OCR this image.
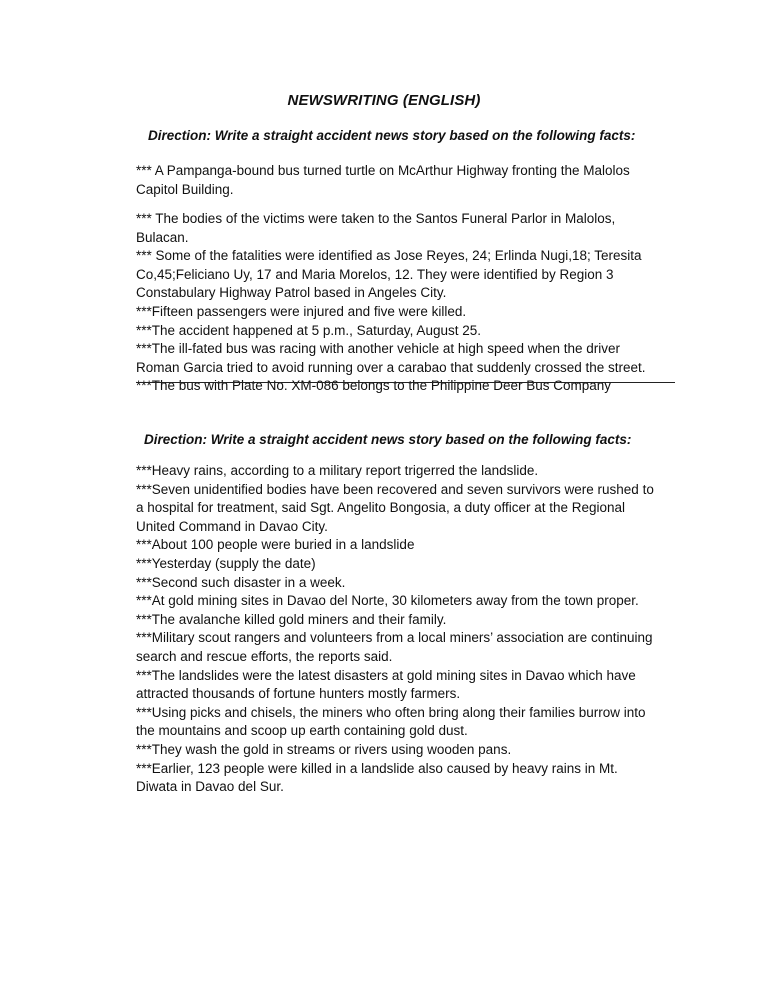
NEWSWRITING (ENGLISH)
Direction: Write a straight accident news story based on the following facts:

*** A Pampanga-bound bus turned turtle on McArthur Highway fronting the Malolos

Capitol Building.

*** The bodies of the victims were taken to the Santos Funeral Parlor in Malolos,

Bulacan.

*** Some of the fatalities were identified as Jose Reyes, 24; Erlinda Nugi,18; Teresita

Co,45;Feliciano Uy, 17 and Maria Morelos, 12. They were identified by Region 3

Constabulary Highway Patrol based in Angeles City.

***Fifteen passengers were injured and five were killed.

***The accident happened at 5 p.m., Saturday, August 25.

***The ill-fated bus was racing with another vehicle at high speed when the driver

Roman Garcia tried to avoid running over a carabao that suddenly crossed the street.

***The bus with Plate No. XM-086 belongs to the Philippine Deer Bus Company

Direction: Write a straight accident news story based on the following facts:

***Heavy rains, according to a military report trigerred the landslide.

***Seven unidentified bodies have been recovered and seven survivors were rushed to

a hospital for treatment, said Sgt. Angelito Bongosia, a duty officer at the Regional

United Command in Davao City.

***About 100 people were buried in a landslide

***Yesterday (supply the date)

***Second such disaster in a week.

***At gold mining sites in Davao del Norte, 30 kilometers away from the town proper.

***The avalanche killed gold miners and their family.

***Military scout rangers and volunteers from a local miners’ association are continuing

search and rescue efforts, the reports said.

***The landslides were the latest disasters at gold mining sites in Davao which have

attracted thousands of fortune hunters mostly farmers.

***Using picks and chisels, the miners who often bring along their families burrow into

the mountains and scoop up earth containing gold dust.

***They wash the gold in streams or rivers using wooden pans.

***Earlier, 123 people were killed in a landslide also caused by heavy rains in Mt.

Diwata in Davao del Sur.
